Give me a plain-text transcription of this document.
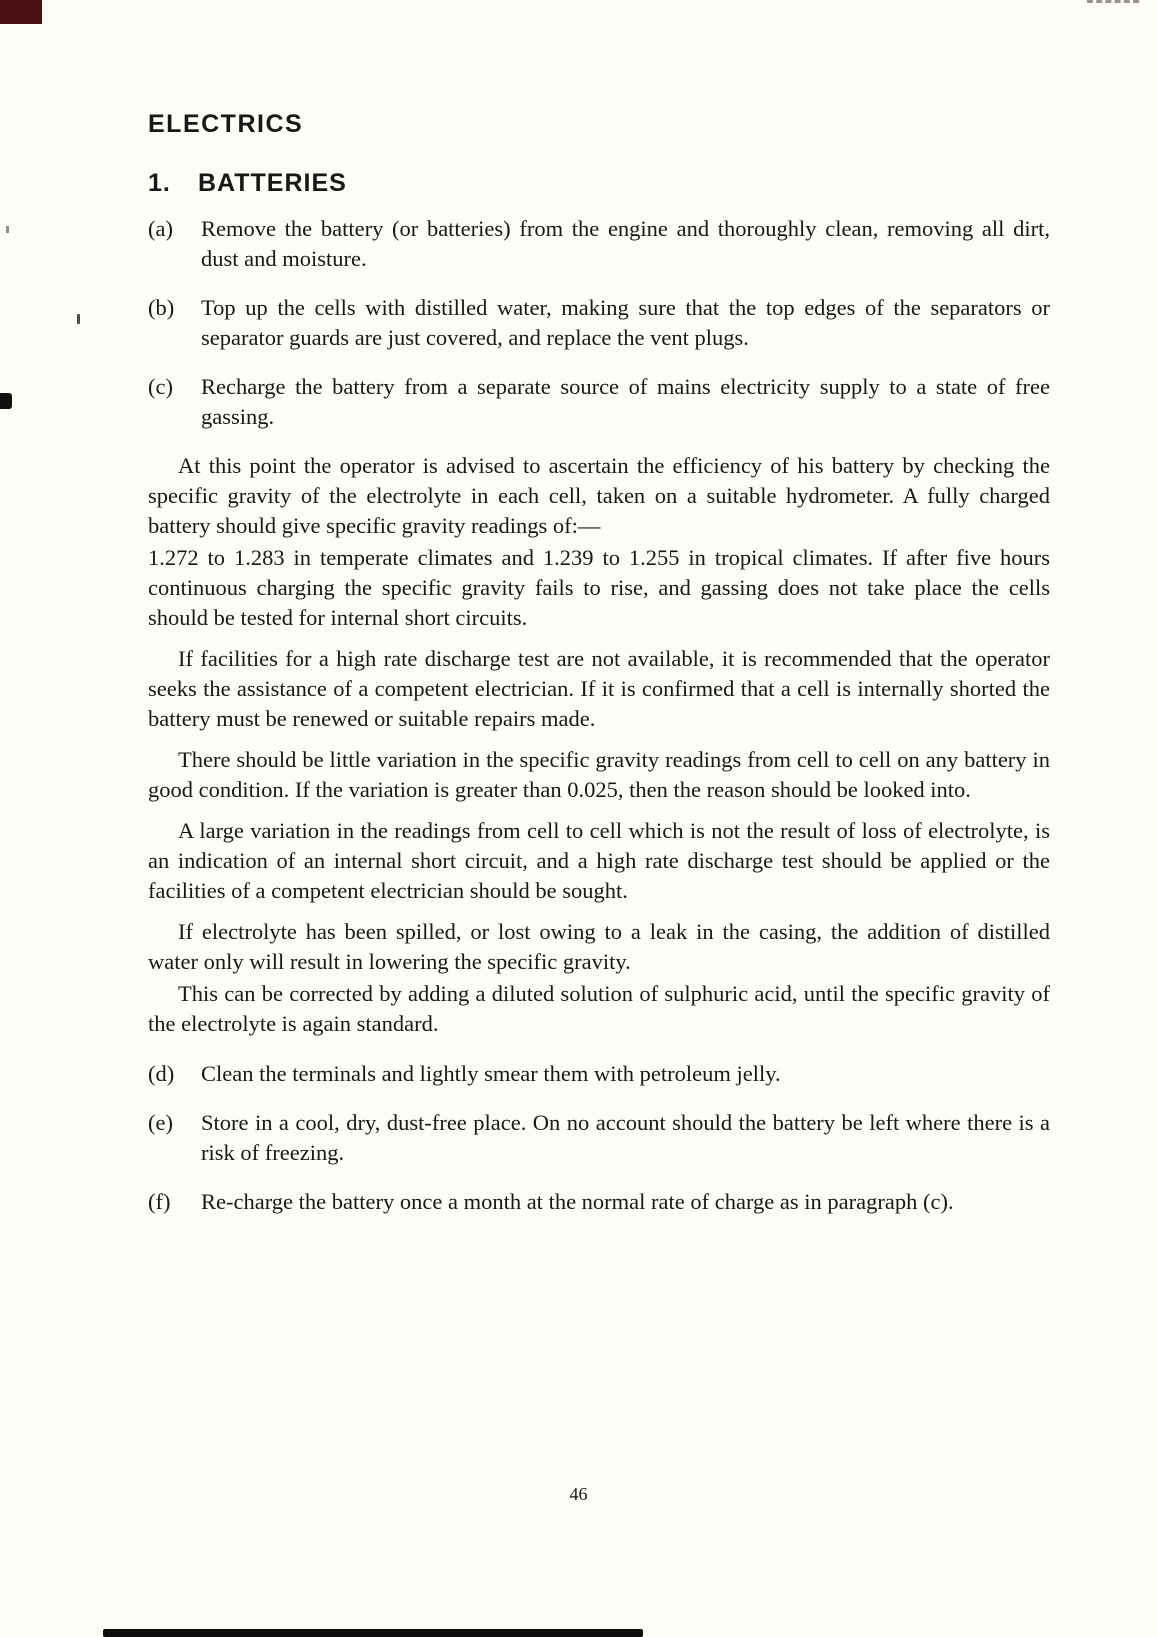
ELECTRICS
1.	BATTERIES
(a) Remove the battery (or batteries) from the engine and thoroughly clean, removing all dirt, dust and moisture.
(b) Top up the cells with distilled water, making sure that the top edges of the separators or separator guards are just covered, and replace the vent plugs.
(c) Recharge the battery from a separate source of mains electricity supply to a state of free gassing.

At this point the operator is advised to ascertain the efficiency of his battery by checking the specific gravity of the electrolyte in each cell, taken on a suitable hydrometer. A fully charged battery should give specific gravity readings of:—

1.272 to 1.283 in temperate climates and 1.239 to 1.255 in tropical climates. If after five hours continuous charging the specific gravity fails to rise, and gassing does not take place the cells should be tested for internal short circuits.

If facilities for a high rate discharge test are not available, it is recommended that the operator seeks the assistance of a competent electrician. If it is confirmed that a cell is internally shorted the battery must be renewed or suitable repairs made.

There should be little variation in the specific gravity readings from cell to cell on any battery in good condition. If the variation is greater than 0.025, then the reason should be looked into.

A large variation in the readings from cell to cell which is not the result of loss of electrolyte, is an indication of an internal short circuit, and a high rate discharge test should be applied or the facilities of a competent electrician should be sought.

If electrolyte has been spilled, or lost owing to a leak in the casing, the addition of distilled water only will result in lowering the specific gravity.

This can be corrected by adding a diluted solution of sulphuric acid, until the specific gravity of the electrolyte is again standard.

(d) Clean the terminals and lightly smear them with petroleum jelly.
(e) Store in a cool, dry, dust-free place. On no account should the battery be left where there is a risk of freezing.
(f) Re-charge the battery once a month at the normal rate of charge as in paragraph (c).
46
